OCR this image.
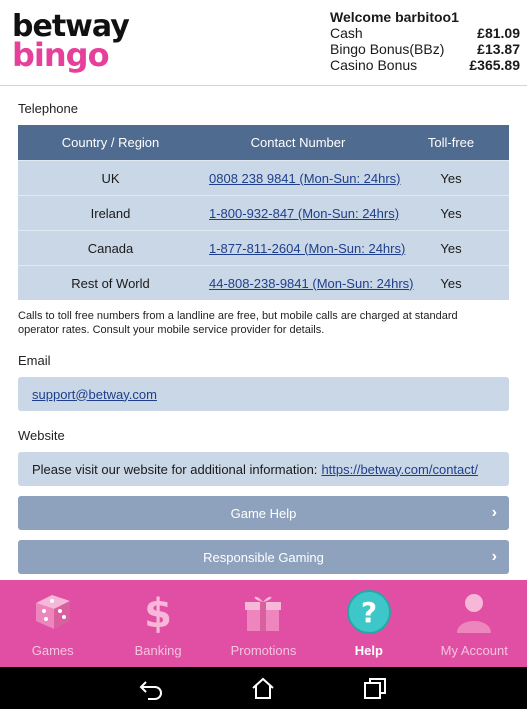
betway
bingo
Welcome barbitoo1
Cash	£81.09
Bingo Bonus(BBz) £13.87
Casino Bonus	£365.89
Telephone
Country / Region	Contact Number	Toll-free
UK	0808 238 9841 (Mon-Sun: 24hrs)	Yes
Ireland	1-800-932-847 (Mon-Sun: 24hrs)	Yes
Canada	1-877-811-2604 (Mon-Sun: 24hrs)	Yes
Rest of World	44-808-238-9841 (Mon-Sun: 24hrs)	Yes
Calls to toll free numbers from a landline are free, but mobile calls are charged at standard operator rates. Consult your mobile service provider for details.
Email
support@betway.com
Website
Please visit our website for additional information: https://betway.com/contact/
Game Help	›
Responsible Gaming	›
Games
$
Banking	Promotions
?
Help	My Account
